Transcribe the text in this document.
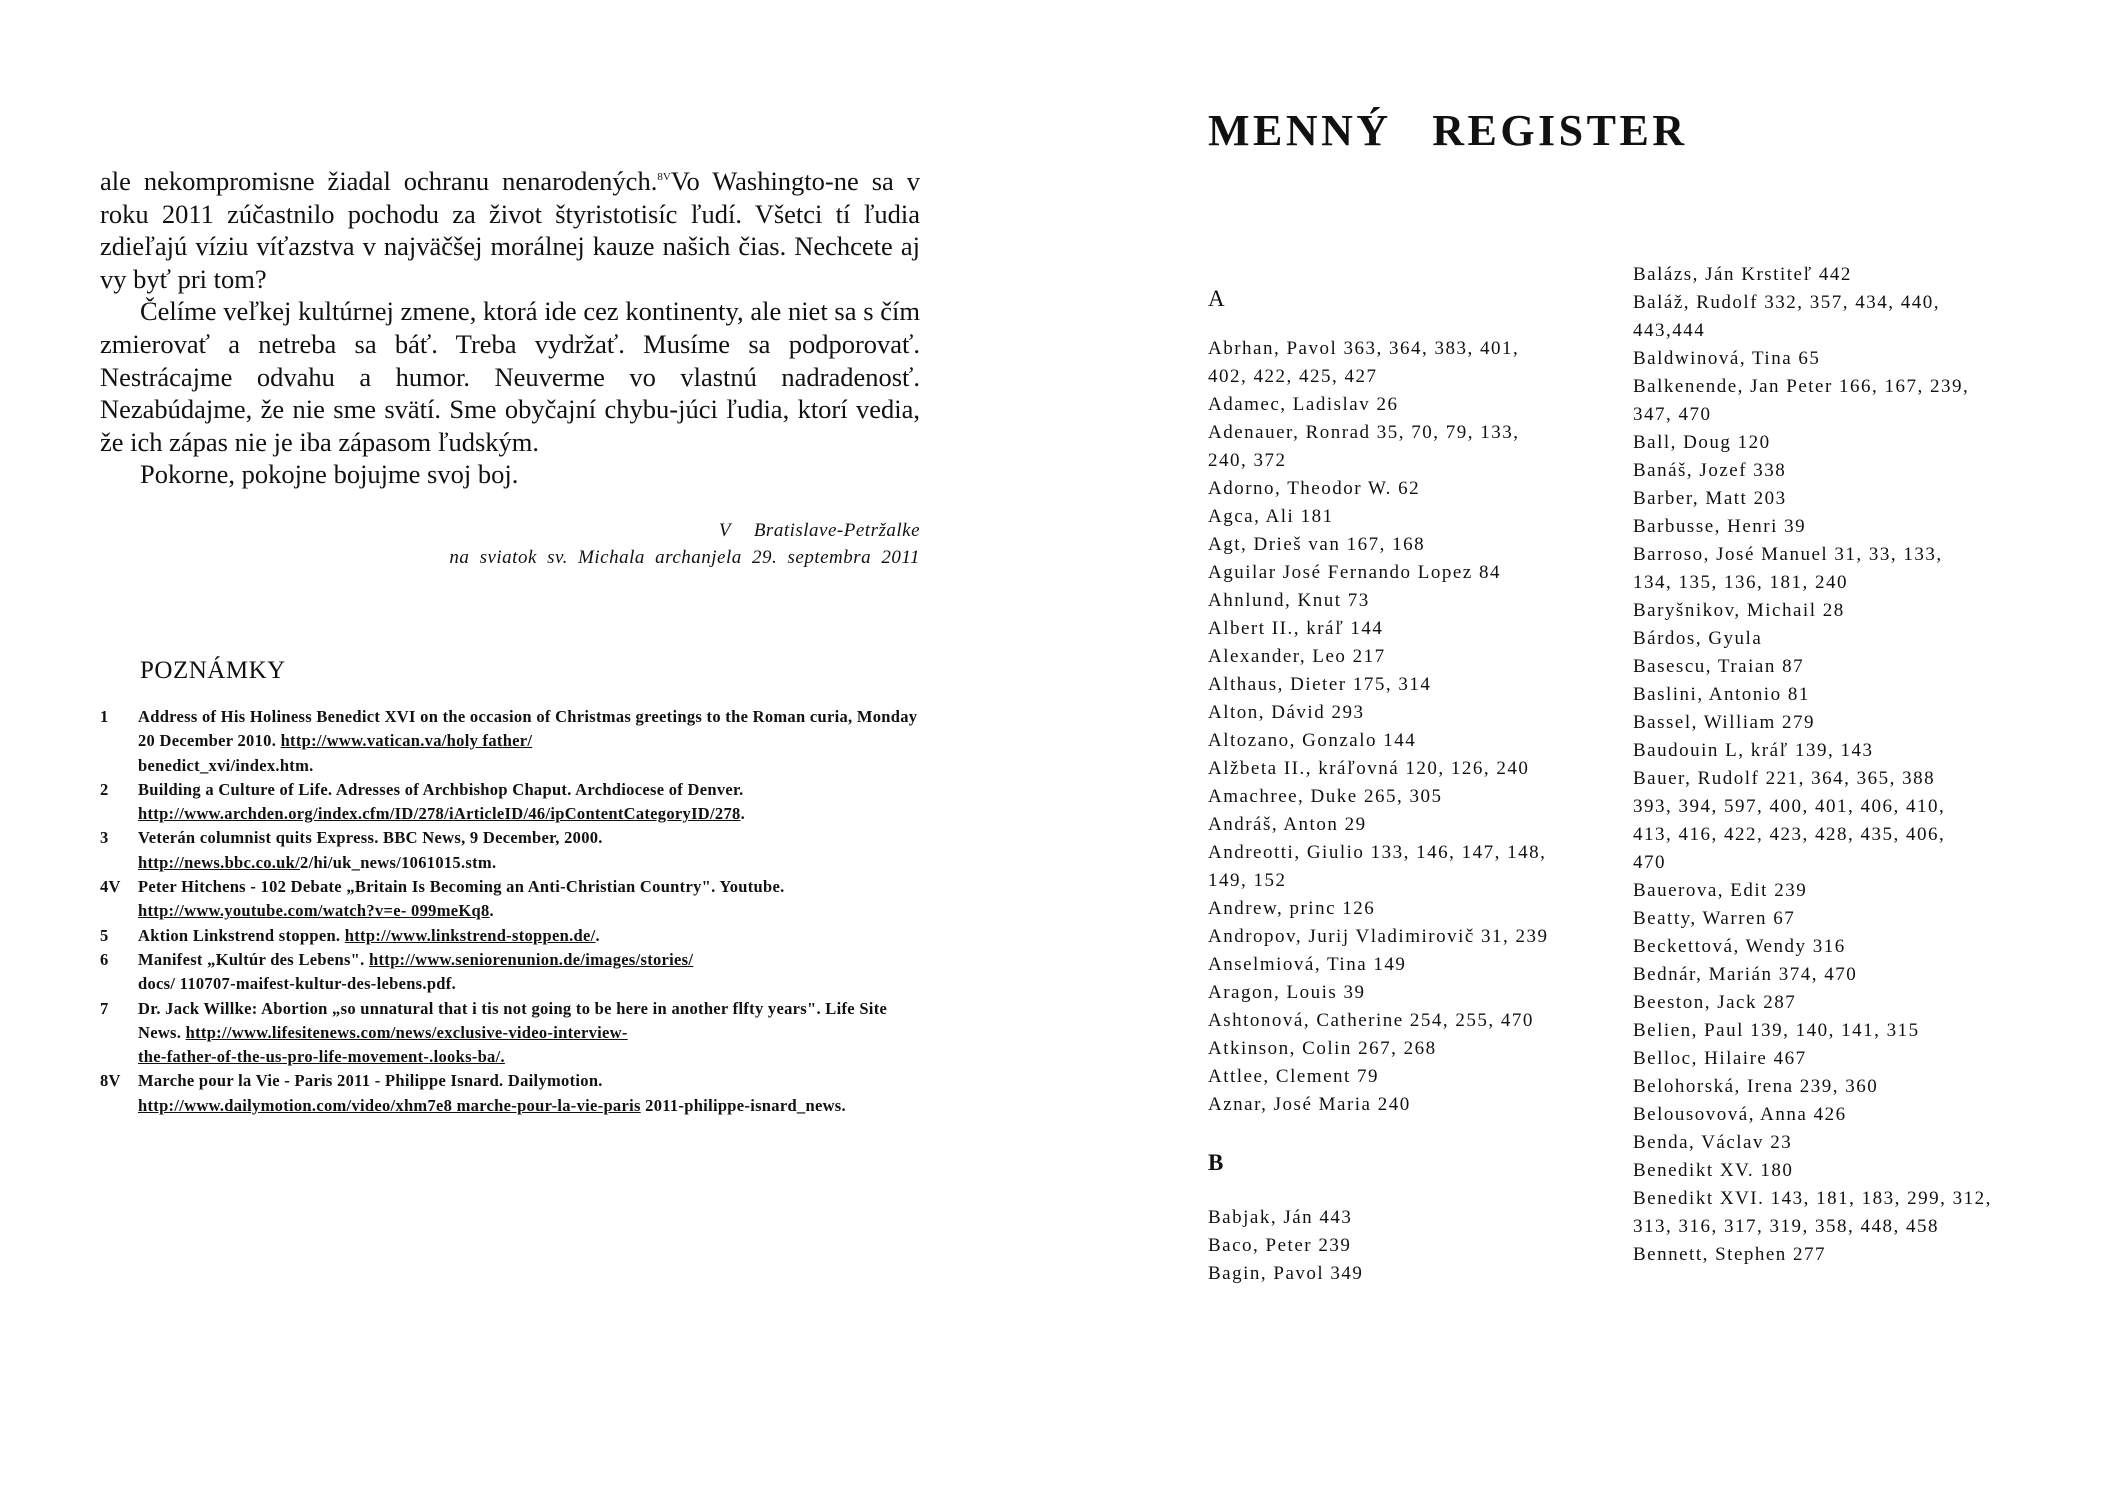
ale nekompromisne žiadal ochranu nenarodených.$^{8V}$Vo Washingto-ne sa v roku 2011 zúčastnilo pochodu za život štyristotisíc ľudí. Všetci tí ľudia zdieľajú víziu víťazstva v najväčšej morálnej kauze našich čias. Nechcete aj vy byť pri tom?

Čelíme veľkej kultúrnej zmene, ktorá ide cez kontinenty, ale niet sa s čím zmierovať a netreba sa báť. Treba vydržať. Musíme sa podporovať. Nestrácajme odvahu a humor. Neuverme vo vlastnú nadradenosť. Nezabúdajme, že nie sme svätí. Sme obyčajní chybu-júci ľudia, ktorí vedia, že ich zápas nie je iba zápasom ľudským.

Pokorne, pokojne bojujme svoj boj.

V Bratislave-Petržalke
na sviatok sv. Michala archanjela 29. septembra 2011
POZNÁMKY
1 Address of His Holiness Benedict XVI on the occasion of Christmas greetings to the Roman curia, Monday 20 December 2010. http://www.vatican.va/holy father/
benedict_xvi/index.htm.
2 Building a Culture of Life. Adresses of Archbishop Chaput. Archdiocese of Denver.
http://www.archden.org/index.cfm/ID/278/iArticleID/46/ipContentCategoryID/278.
3 Veterán columnist quits Express. BBC News, 9 December, 2000. http://news.bbc.co.uk/2/hi/uk_news/1061015.stm.
4V Peter Hitchens - 102 Debate „Britain Is Becoming an Anti-Christian Country". Youtube. http://www.youtube.com/watch?v=e- 099meKq8.
5 Aktion Linkstrend stoppen. http://www.linkstrend-stoppen.de/.
6 Manifest „Kultúr des Lebens". http://www.seniorenunion.de/images/stories/
docs/ 110707-maifest-kultur-des-lebens.pdf.
7 Dr. Jack Willke: Abortion „so unnatural that i tis not going to be here in another flfty years". Life Site News. http://www.lifesitenews.com/news/exclusive-video-interview-
the-father-of-the-us-pro-life-movement-.looks-ba/.
8V Marche pour la Vie - Paris 2011 - Philippe Isnard. Dailymotion. http://www.dailymotion.com/video/xhm7e8 marche-pour-la-vie-paris 2011-philippe-isnard_news.
MENNÝ REGISTER
A
Abrhan, Pavol 363, 364, 383, 401,
402, 422, 425, 427
Adamec, Ladislav 26
Adenauer, Ronrad 35, 70, 79, 133,
240, 372
Adorno, Theodor W. 62
Agca, Ali 181
Agt, Drieš van 167, 168
Aguilar José Fernando Lopez 84
Ahnlund, Knut 73
Albert II., kráľ 144
Alexander, Leo 217
Althaus, Dieter 175, 314
Alton, Dávid 293
Altozano, Gonzalo 144
Alžbeta II., kráľovná 120, 126, 240
Amachree, Duke 265, 305
Andráš, Anton 29
Andreotti, Giulio 133, 146, 147, 148,
149, 152
Andrew, princ 126
Andropov, Jurij Vladimirovič 31, 239
Anselmiová, Tina 149
Aragon, Louis 39
Ashtonová, Catherine 254, 255, 470
Atkinson, Colin 267, 268
Attlee, Clement 79
Aznar, José Maria 240
B
Babjak, Ján 443
Baco, Peter 239
Bagin, Pavol 349
Balázs, Ján Krstiteľ 442
Baláž, Rudolf 332, 357, 434, 440,
443,444
Baldwinová, Tina 65
Balkenende, Jan Peter 166, 167, 239,
347, 470
Ball, Doug 120
Banáš, Jozef 338
Barber, Matt 203
Barbusse, Henri 39
Barroso, José Manuel 31, 33, 133,
134, 135, 136, 181, 240
Baryšnikov, Michail 28
Bárdos, Gyula
Basescu, Traian 87
Baslini, Antonio 81
Bassel, William 279
Baudouin L, kráľ 139, 143
Bauer, Rudolf 221, 364, 365, 388
393, 394, 597, 400, 401, 406, 410,
413, 416, 422, 423, 428, 435, 406,
470
Bauerova, Edit 239
Beatty, Warren 67
Beckettová, Wendy 316
Bednár, Marián 374, 470
Beeston, Jack 287
Belien, Paul 139, 140, 141, 315
Belloc, Hilaire 467
Belohorská, Irena 239, 360
Belousovová, Anna 426
Benda, Václav 23
Benedikt XV. 180
Benedikt XVI. 143, 181, 183, 299, 312,
313, 316, 317, 319, 358, 448, 458
Bennett, Stephen 277
